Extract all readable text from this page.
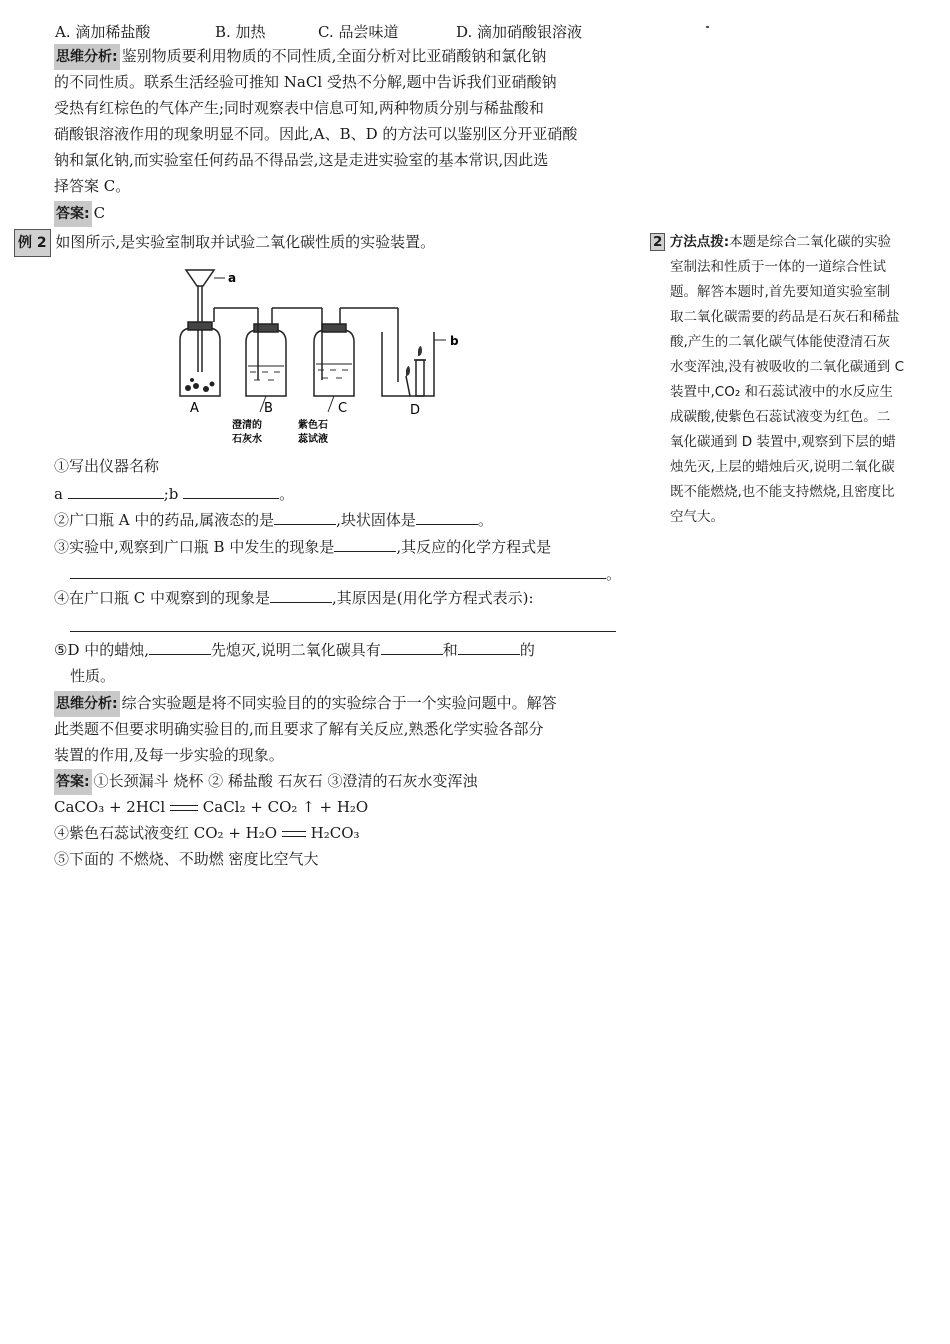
A. 滴加稀盐酸	B. 加热	C. 品尝味道	D. 滴加硝酸银溶液
思维分析: 鉴别物质要利用物质的不同性质,全面分析对比亚硝酸钠和氯化钠
的不同性质。联系生活经验可推知 NaCl 受热不分解,题中告诉我们亚硝酸钠
受热有红棕色的气体产生;同时观察表中信息可知,两种物质分别与稀盐酸和
硝酸银溶液作用的现象明显不同。因此,A、B、D 的方法可以鉴别区分开亚硝酸
钠和氯化钠,而实验室任何药品不得品尝,这是走进实验室的基本常识,因此选
择答案 C。
答案: C
例 2 如图所示,是实验室制取并试验二氧化碳性质的实验装置。
a
b
A	B	C	D
澄清的
石灰水
紫色石
蕊试液
①写出仪器名称
a	;b	。
②广口瓶 A 中的药品,属液态的是	,块状固体是	。
③实验中,观察到广口瓶 B 中发生的现象是	,其反应的化学方程式是
。
④在广口瓶 C 中观察到的现象是	,其原因是(用化学方程式表示):
⑤D 中的蜡烛,	先熄灭,说明二氧化碳具有	和	的
性质。
思维分析: 综合实验题是将不同实验目的的实验综合于一个实验问题中。解答
此类题不但要求明确实验目的,而且要求了解有关反应,熟悉化学实验各部分
装置的作用,及每一步实验的现象。
答案: ①长颈漏斗 烧杯 ② 稀盐酸 石灰石 ③澄清的石灰水变浑浊
CaCO₃ + 2HCl	CaCl₂ + CO₂ ↑ + H₂O
④紫色石蕊试液变红 CO₂ + H₂O H₂CO₃
⑤下面的 不燃烧、不助燃 密度比空气大
2 方法点拨:本题是综合二氧化碳的实验
室制法和性质于一体的一道综合性试
题。解答本题时,首先要知道实验室制
取二氧化碳需要的药品是石灰石和稀盐
酸,产生的二氧化碳气体能使澄清石灰
水变浑浊,没有被吸收的二氧化碳通到 C
装置中,CO₂ 和石蕊试液中的水反应生
成碳酸,使紫色石蕊试液变为红色。二
氧化碳通到 D 装置中,观察到下层的蜡
烛先灭,上层的蜡烛后灭,说明二氧化碳
既不能燃烧,也不能支持燃烧,且密度比
空气大。
